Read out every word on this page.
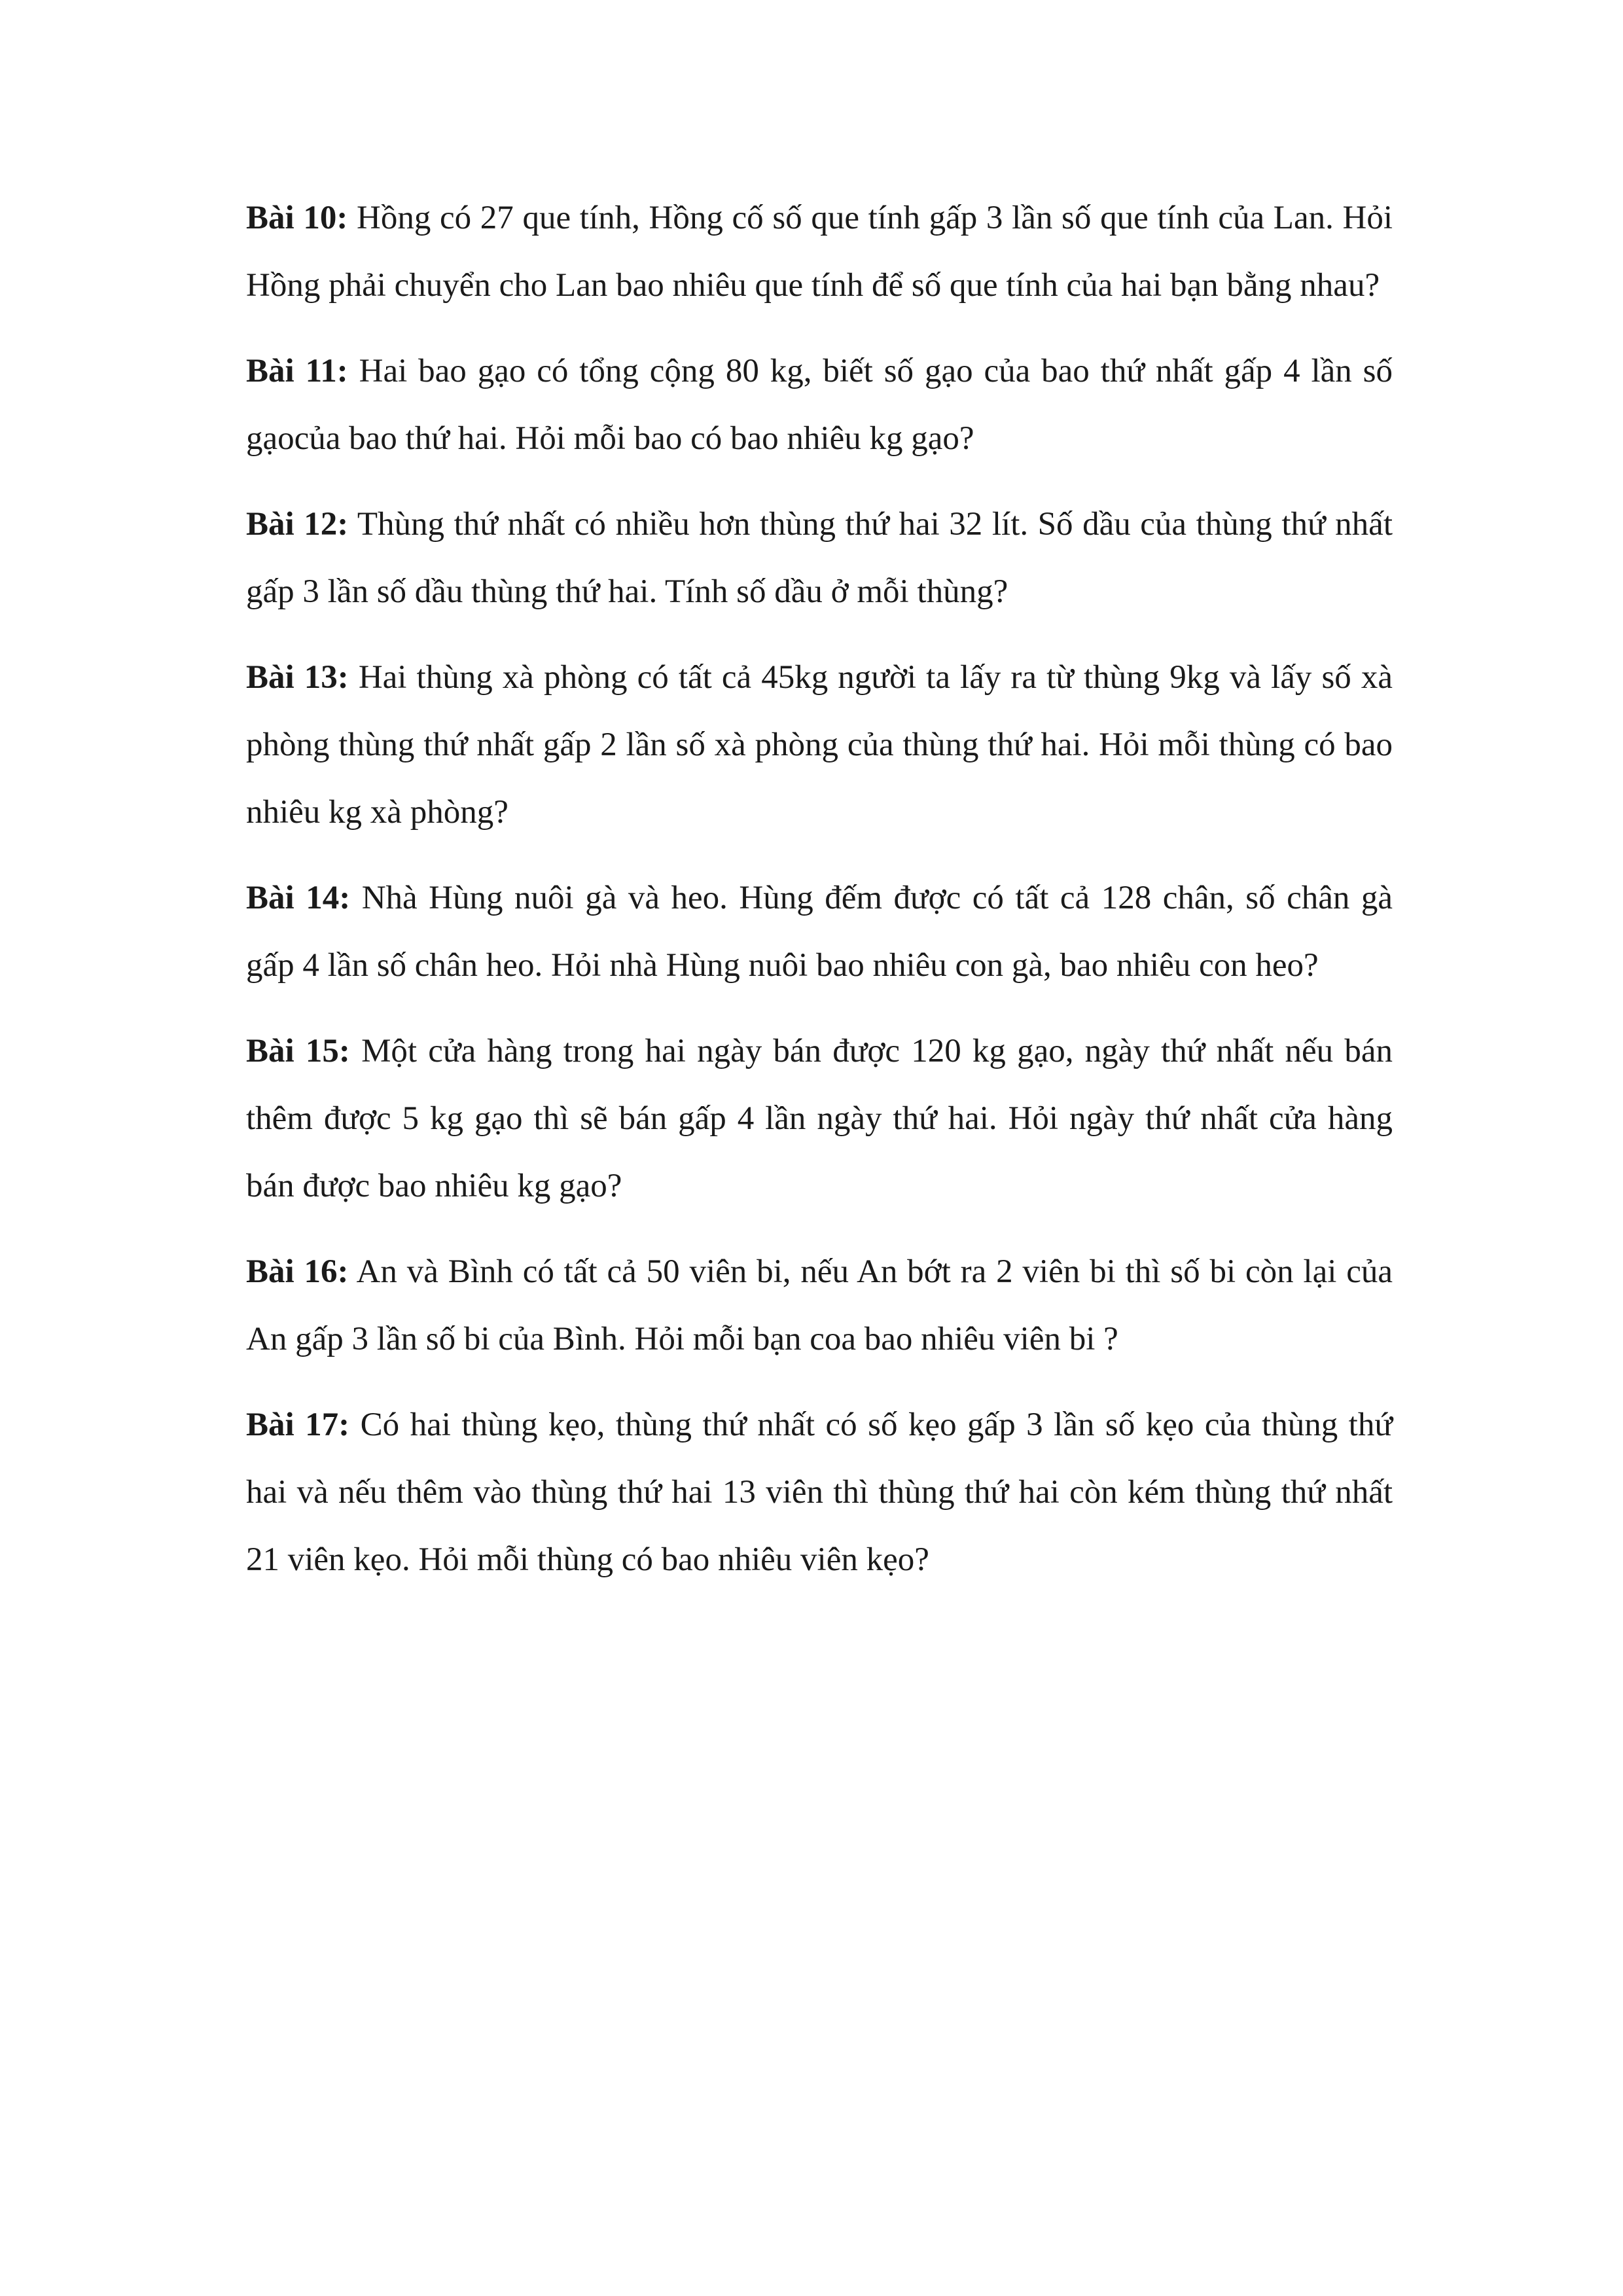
Bài 10: Hồng có 27 que tính, Hồng cố số que tính gấp 3 lần số que tính của Lan. Hỏi Hồng phải chuyển cho Lan bao nhiêu que tính để số que tính của hai bạn bằng nhau?

Bài 11: Hai bao gạo có tổng cộng 80 kg, biết số gạo của bao thứ nhất gấp 4 lần số gạocủa bao thứ hai. Hỏi mỗi bao có bao nhiêu kg gạo?

Bài 12: Thùng thứ nhất có nhiều hơn thùng thứ hai 32 lít. Số dầu của thùng thứ nhất gấp 3 lần số dầu thùng thứ hai. Tính số dầu ở mỗi thùng?

Bài 13: Hai thùng xà phòng có tất cả 45kg người ta lấy ra từ thùng 9kg và lấy số xà phòng thùng thứ nhất gấp 2 lần số xà phòng của thùng thứ hai. Hỏi mỗi thùng có bao nhiêu kg xà phòng?

Bài 14: Nhà Hùng nuôi gà và heo. Hùng đếm được có tất cả 128 chân, số chân gà gấp 4 lần số chân heo. Hỏi nhà Hùng nuôi bao nhiêu con gà, bao nhiêu con heo?

Bài 15: Một cửa hàng trong hai ngày bán được 120 kg gạo, ngày thứ nhất nếu bán thêm được 5 kg gạo thì sẽ bán gấp 4 lần ngày thứ hai. Hỏi ngày thứ nhất cửa hàng bán được bao nhiêu kg gạo?

Bài 16: An và Bình có tất cả 50 viên bi, nếu An bớt ra 2 viên bi thì số bi còn lại của An gấp 3 lần số bi của Bình. Hỏi mỗi bạn coa bao nhiêu viên bi ?

Bài 17: Có hai thùng kẹo, thùng thứ nhất có số kẹo gấp 3 lần số kẹo của thùng thứ hai và nếu thêm vào thùng thứ hai 13 viên thì thùng thứ hai còn kém thùng thứ nhất 21 viên kẹo. Hỏi mỗi thùng có bao nhiêu viên kẹo?
